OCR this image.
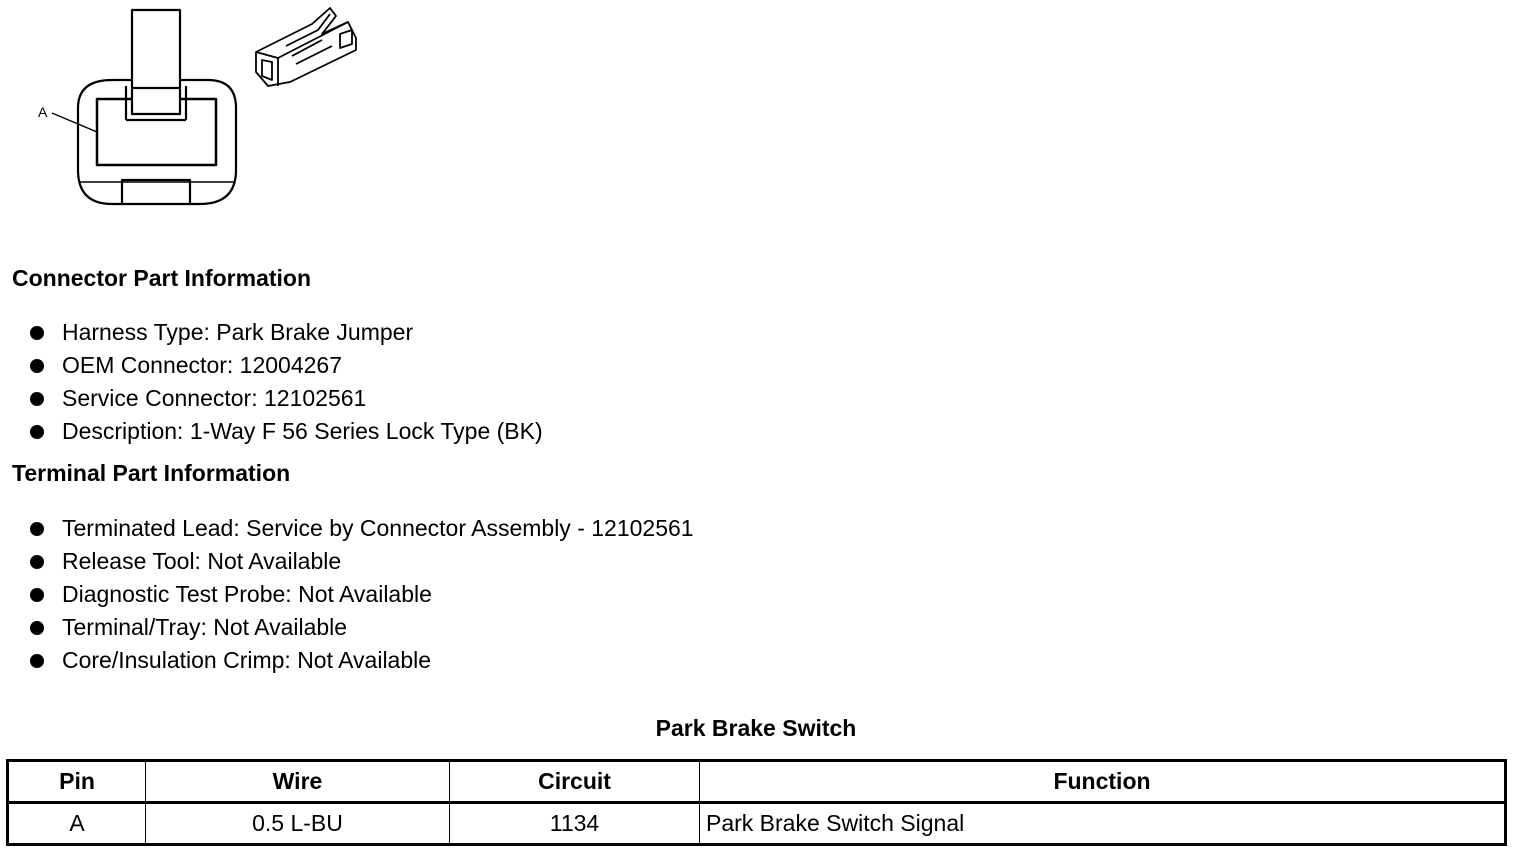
A
Connector Part Information
Harness Type: Park Brake Jumper
OEM Connector: 12004267
Service Connector: 12102561
Description: 1-Way F 56 Series Lock Type (BK)
Terminal Part Information
Terminated Lead: Service by Connector Assembly - 12102561
Release Tool: Not Available
Diagnostic Test Probe: Not Available
Terminal/Tray: Not Available
Core/Insulation Crimp: Not Available
Park Brake Switch
Pin	Wire	Circuit	Function
A	0.5 L-BU	1134	Park Brake Switch Signal
